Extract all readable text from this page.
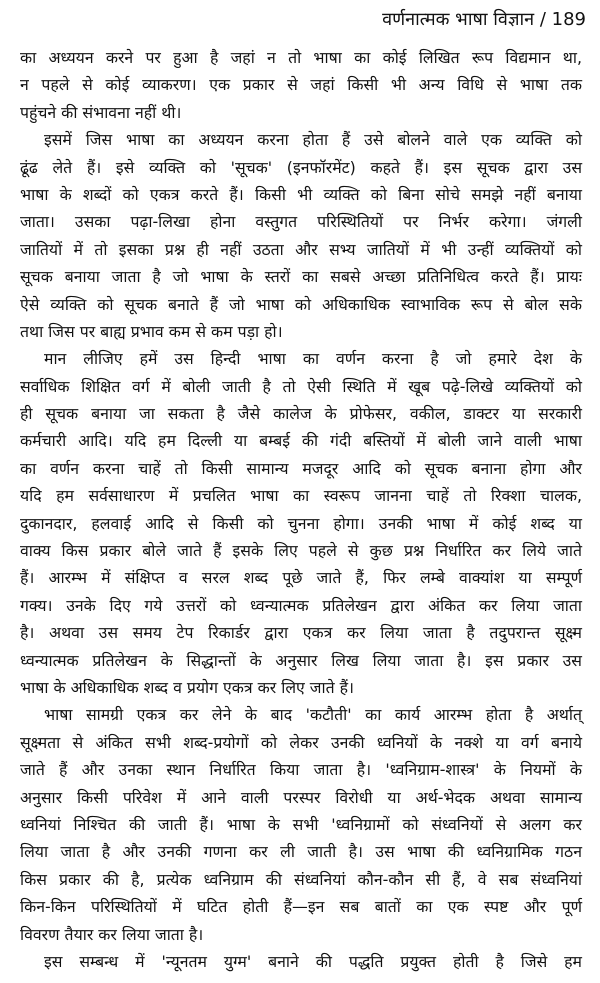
वर्णनात्मक भाषा विज्ञान / 189

का अध्ययन करने पर हुआ है जहां न तो भाषा का कोई लिखित रूप विद्यमान था,
न पहले से कोई व्याकरण। एक प्रकार से जहां किसी भी अन्य विधि से भाषा तक
पहुंचने की संभावना नहीं थी।

इसमें जिस भाषा का अध्ययन करना होता हैं उसे बोलने वाले एक व्यक्ति को
ढूंढ लेते हैं। इसे व्यक्ति को 'सूचक' (इनफॉरमेंट) कहते हैं। इस सूचक द्वारा उस
भाषा के शब्दों को एकत्र करते हैं। किसी भी व्यक्ति को बिना सोचे समझे नहीं बनाया
जाता। उसका पढ़ा-लिखा होना वस्तुगत परिस्थितियों पर निर्भर करेगा। जंगली
जातियों में तो इसका प्रश्न ही नहीं उठता और सभ्य जातियों में भी उन्हीं व्यक्तियों को
सूचक बनाया जाता है जो भाषा के स्तरों का सबसे अच्छा प्रतिनिधित्व करते हैं। प्रायः
ऐसे व्यक्ति को सूचक बनाते हैं जो भाषा को अधिकाधिक स्वाभाविक रूप से बोल सके
तथा जिस पर बाह्य प्रभाव कम से कम पड़ा हो।

मान लीजिए हमें उस हिन्दी भाषा का वर्णन करना है जो हमारे देश के
सर्वाधिक शिक्षित वर्ग में बोली जाती है तो ऐसी स्थिति में खूब पढ़े-लिखे व्यक्तियों को
ही सूचक बनाया जा सकता है जैसे कालेज के प्रोफेसर, वकील, डाक्टर या सरकारी
कर्मचारी आदि। यदि हम दिल्ली या बम्बई की गंदी बस्तियों में बोली जाने वाली भाषा
का वर्णन करना चाहें तो किसी सामान्य मजदूर आदि को सूचक बनाना होगा और
यदि हम सर्वसाधारण में प्रचलित भाषा का स्वरूप जानना चाहें तो रिक्शा चालक,
दुकानदार, हलवाई आदि से किसी को चुनना होगा। उनकी भाषा में कोई शब्द या
वाक्य किस प्रकार बोले जाते हैं इसके लिए पहले से कुछ प्रश्न निर्धारित कर लिये जाते
हैं। आरम्भ में संक्षिप्त व सरल शब्द पूछे जाते हैं, फिर लम्बे वाक्यांश या सम्पूर्ण
गक्य। उनके दिए गये उत्तरों को ध्वन्यात्मक प्रतिलेखन द्वारा अंकित कर लिया जाता
है। अथवा उस समय टेप रिकार्डर द्वारा एकत्र कर लिया जाता है तदुपरान्त सूक्ष्म
ध्वन्यात्मक प्रतिलेखन के सिद्धान्तों के अनुसार लिख लिया जाता है। इस प्रकार उस
भाषा के अधिकाधिक शब्द व प्रयोग एकत्र कर लिए जाते हैं।

भाषा सामग्री एकत्र कर लेने के बाद 'कटौती' का कार्य आरम्भ होता है अर्थात्
सूक्ष्मता से अंकित सभी शब्द-प्रयोगों को लेकर उनकी ध्वनियों के नक्शे या वर्ग बनाये
जाते हैं और उनका स्थान निर्धारित किया जाता है। 'ध्वनिग्राम-शास्त्र' के नियमों के
अनुसार किसी परिवेश में आने वाली परस्पर विरोधी या अर्थ-भेदक अथवा सामान्य
ध्वनियां निश्चित की जाती हैं। भाषा के सभी 'ध्वनिग्रामों को संध्वनियों से अलग कर
लिया जाता है और उनकी गणना कर ली जाती है। उस भाषा की ध्वनिग्रामिक गठन
किस प्रकार की है, प्रत्येक ध्वनिग्राम की संध्वनियां कौन-कौन सी हैं, वे सब संध्वनियां
किन-किन परिस्थितियों में घटित होती हैं—इन सब बातों का एक स्पष्ट और पूर्ण
विवरण तैयार कर लिया जाता है।

इस सम्बन्ध में 'न्यूनतम युग्म' बनाने की पद्धति प्रयुक्त होती है जिसे हम
